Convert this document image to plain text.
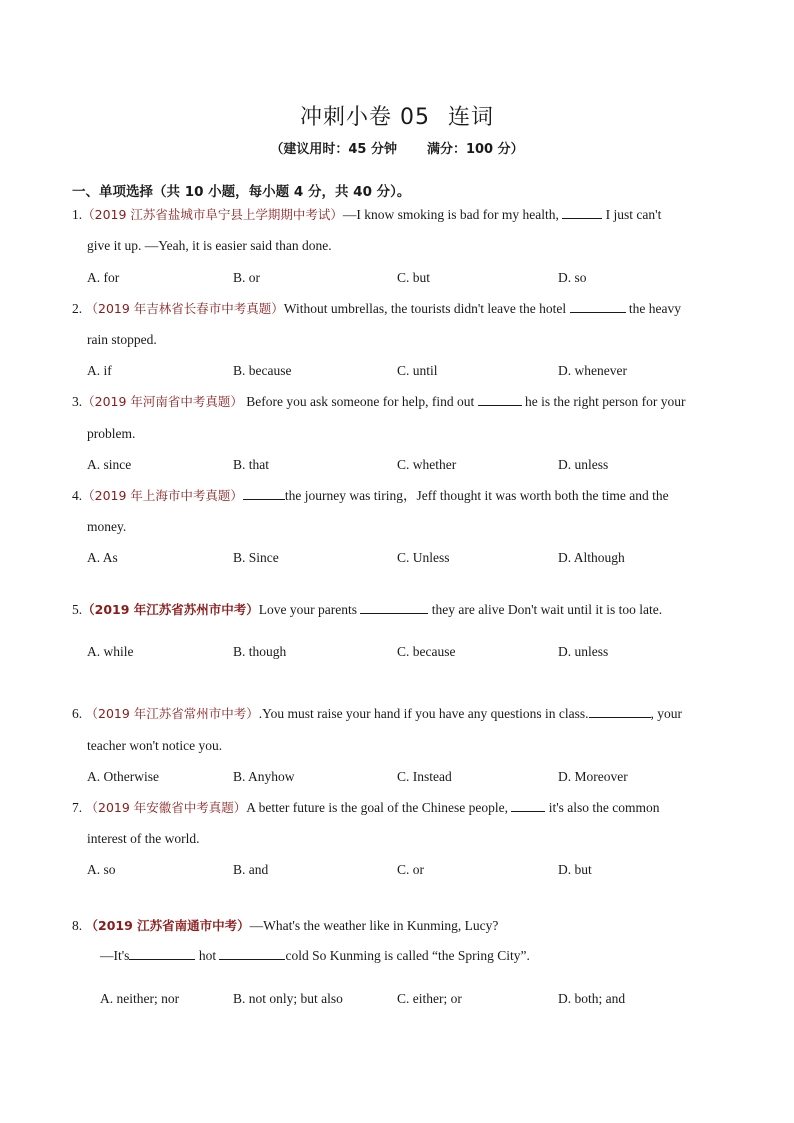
冲刺小卷 05 连词
（建议用时：45 分钟 满分：100 分）
一、单项选择（共 10 小题，每小题 4 分，共 40 分）。
1.（2019 江苏省盐城市阜宁县上学期期中考试）—I know smoking is bad for my health,	I just can't
give it up. —Yeah, it is easier said than done.
A. for	B. or	C. but	D. so
2. （2019 年吉林省长春市中考真题）Without umbrellas, the tourists didn't leave the hotel	the heavy
rain stopped.
A. if	B. because	C. until	D. whenever
3.（2019 年河南省中考真题） Before you ask someone for help, find out	he is the right person for your
problem.
A. since	B. that	C. whether	D. unless
4.（2019 年上海市中考真题）	the journey was tiring，Jeff thought it was worth both the time and the
money.
A. As	B. Since	C. Unless	D. Although
5.（2019 年江苏省苏州市中考）Love your parents	they are alive Don't wait until it is too late.
A. while	B. though	C. because	D. unless
6. （2019 年江苏省常州市中考）.You must raise your hand if you have any questions in class.	, your
teacher won't notice you.
A. Otherwise	B. Anyhow	C. Instead	D. Moreover
7. （2019 年安徽省中考真题）A better future is the goal of the Chinese people,	it's also the common
interest of the world.
A. so	B. and	C. or	D. but
8. （2019 江苏省南通市中考）—What's the weather like in Kunming, Lucy?
—It's	hot	cold So Kunming is called “the Spring City”.
A. neither; nor	B. not only; but also	C. either; or	D. both; and
